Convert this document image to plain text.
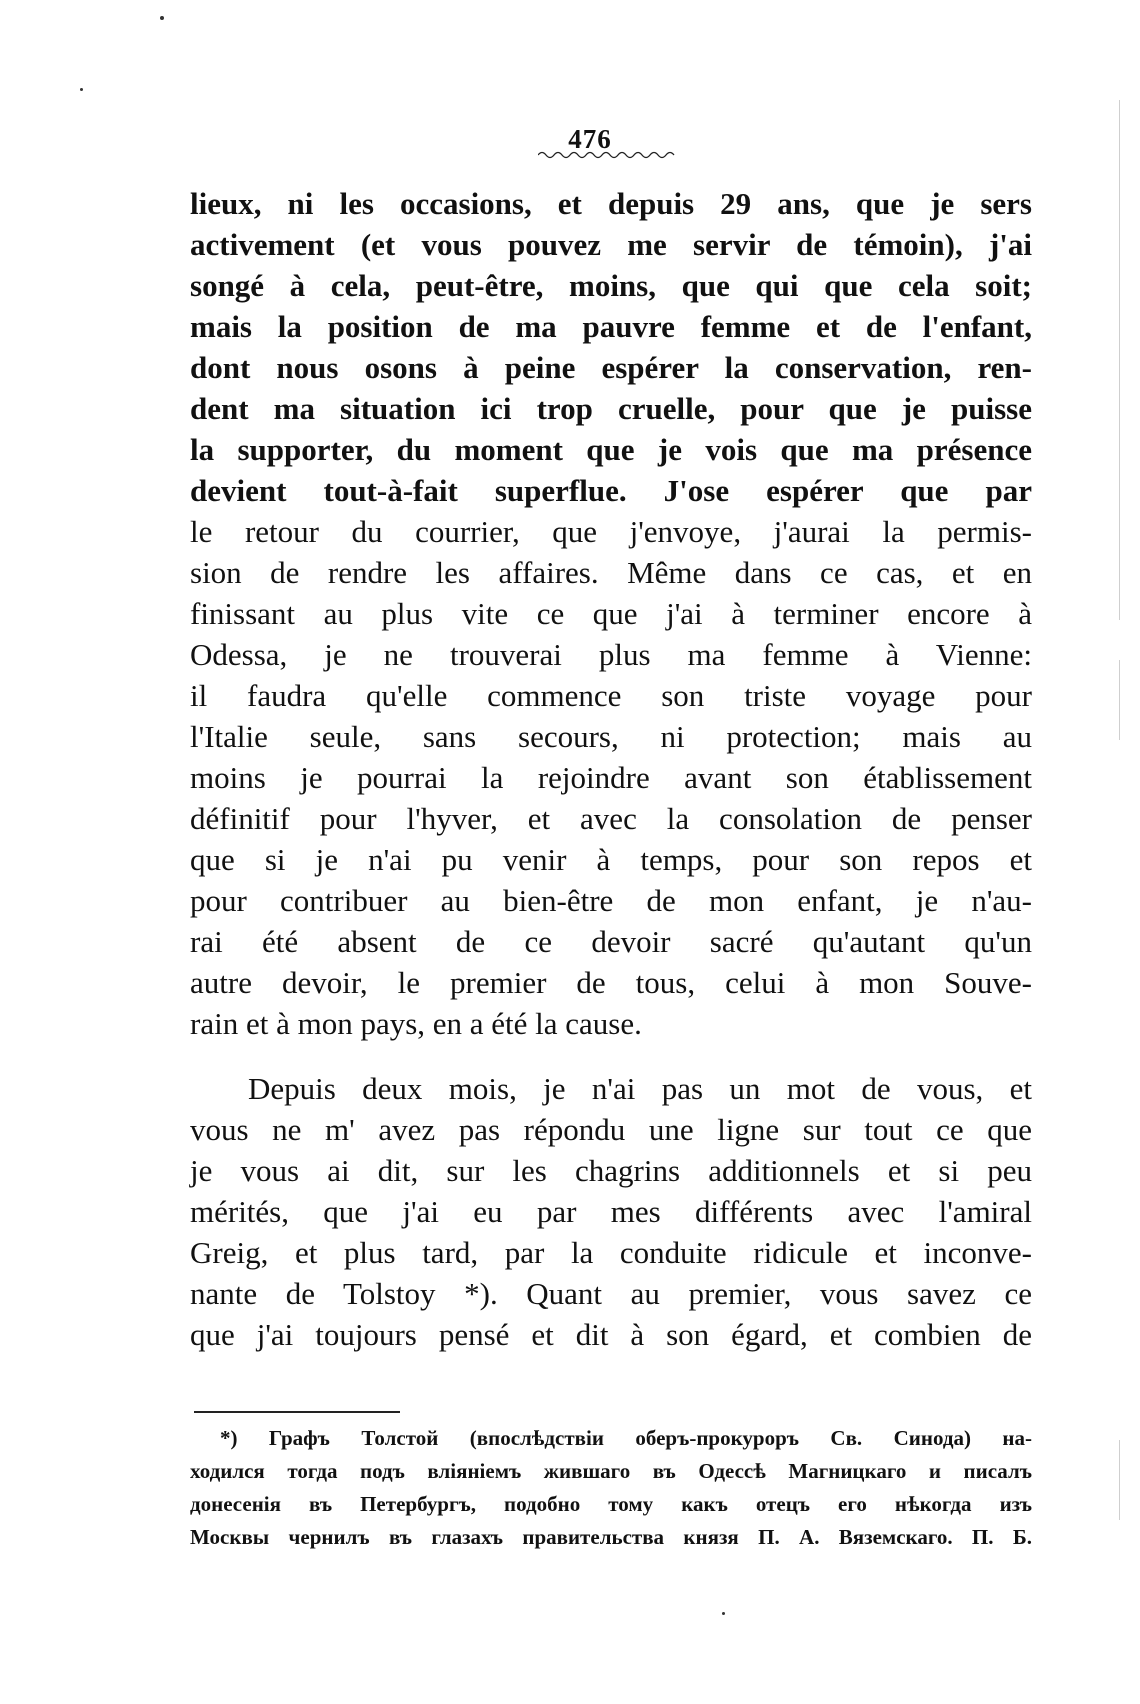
476
lieux, ni les occasions, et depuis 29 ans, que je sers
activement (et vous pouvez me servir de témoin), j'ai
songé à cela, peut-être, moins, que qui que cela soit;
mais la position de ma pauvre femme et de l'enfant,
dont nous osons à peine espérer la conservation, ren-
dent ma situation ici trop cruelle, pour que je puisse
la supporter, du moment que je vois que ma présence
devient tout-à-fait superflue. J'ose espérer que par
le retour du courrier, que j'envoye, j'aurai la permis-
sion de rendre les affaires. Même dans ce cas, et en
finissant au plus vite ce que j'ai à terminer encore à
Odessa, je ne trouverai plus ma femme à Vienne:
il faudra qu'elle commence son triste voyage pour
l'Italie seule, sans secours, ni protection; mais au
moins je pourrai la rejoindre avant son établissement
définitif pour l'hyver, et avec la consolation de penser
que si je n'ai pu venir à temps, pour son repos et
pour contribuer au bien-être de mon enfant, je n'au-
rai été absent de ce devoir sacré qu'autant qu'un
autre devoir, le premier de tous, celui à mon Souve-
rain et à mon pays, en a été la cause.
Depuis deux mois, je n'ai pas un mot de vous, et
vous ne m' avez pas répondu une ligne sur tout ce que
je vous ai dit, sur les chagrins additionnels et si peu
mérités, que j'ai eu par mes différents avec l'amiral
Greig, et plus tard, par la conduite ridicule et inconve-
nante de Tolstoy *). Quant au premier, vous savez ce
que j'ai toujours pensé et dit à son égard, et combien de
*) Графъ Толстой (впослѣдствіи оберъ-прокуроръ Св. Синода) на-
ходился тогда подъ вліяніемъ жившаго въ Одессѣ Магницкаго и писалъ
донесенія въ Петербургъ, подобно тому какъ отецъ его нѣкогда изъ
Москвы чернилъ въ глазахъ правительства князя П. А. Вяземскаго. П. Б.
